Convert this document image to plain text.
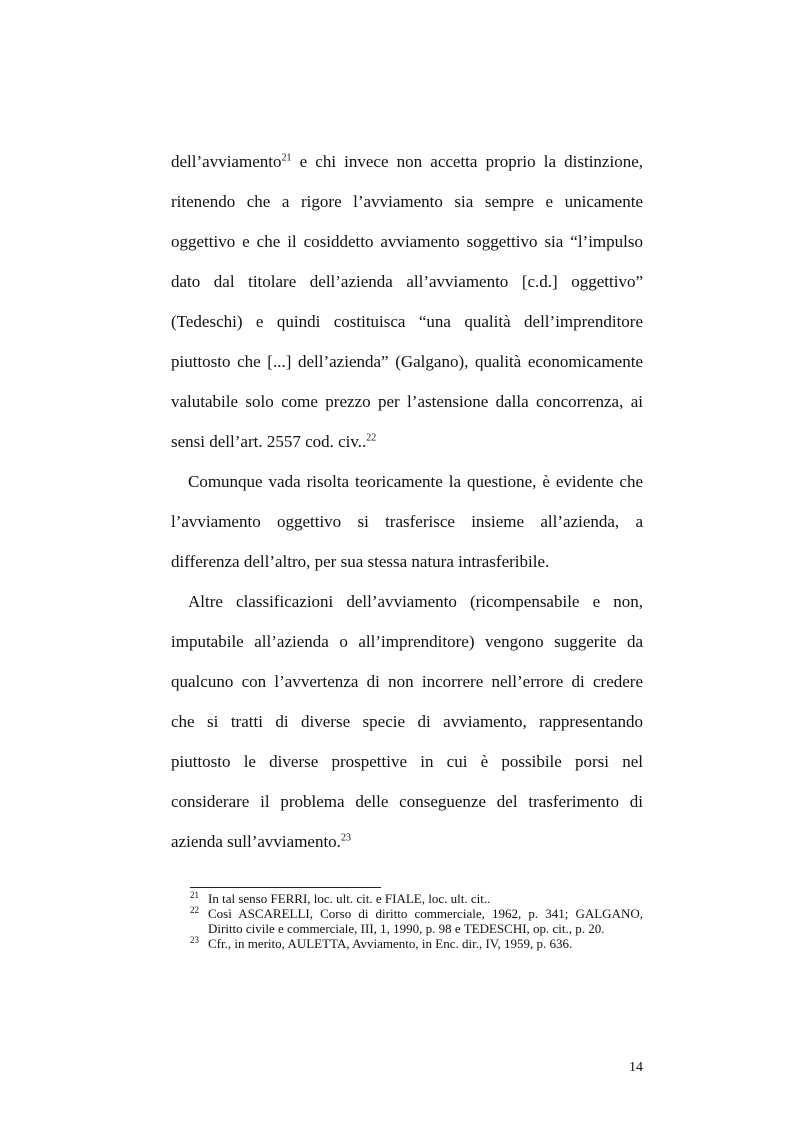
dell’avviamento$^{21}$ e chi invece non accetta proprio la distinzione,
ritenendo che a rigore l’avviamento sia sempre e unicamente
oggettivo e che il cosiddetto avviamento soggettivo sia “l’impulso
dato dal titolare dell’azienda all’avviamento [c.d.] oggettivo”
(Tedeschi) e quindi costituisca “una qualità dell’imprenditore
piuttosto che [...] dell’azienda” (Galgano), qualità economicamente
valutabile solo come prezzo per l’astensione dalla concorrenza, ai
sensi dell’art. 2557 cod. civ..$^{22}$
Comunque vada risolta teoricamente la questione, è evidente che
l’avviamento oggettivo si trasferisce insieme all’azienda, a
differenza dell’altro, per sua stessa natura intrasferibile.
Altre classificazioni dell’avviamento (ricompensabile e non,
imputabile all’azienda o all’imprenditore) vengono suggerite da
qualcuno con l’avvertenza di non incorrere nell’errore di credere
che si tratti di diverse specie di avviamento, rappresentando
piuttosto le diverse prospettive in cui è possibile porsi nel
considerare il problema delle conseguenze del trasferimento di
azienda sull’avviamento.$^{23}$
21 In tal senso FERRI, loc. ult. cit. e FIALE, loc. ult. cit..
22 Così ASCARELLI, Corso di diritto commerciale, 1962, p. 341; GALGANO,
Diritto civile e commerciale, III, 1, 1990, p. 98 e TEDESCHI, op. cit., p. 20.
23 Cfr., in merito, AULETTA, Avviamento, in Enc. dir., IV, 1959, p. 636.
14
